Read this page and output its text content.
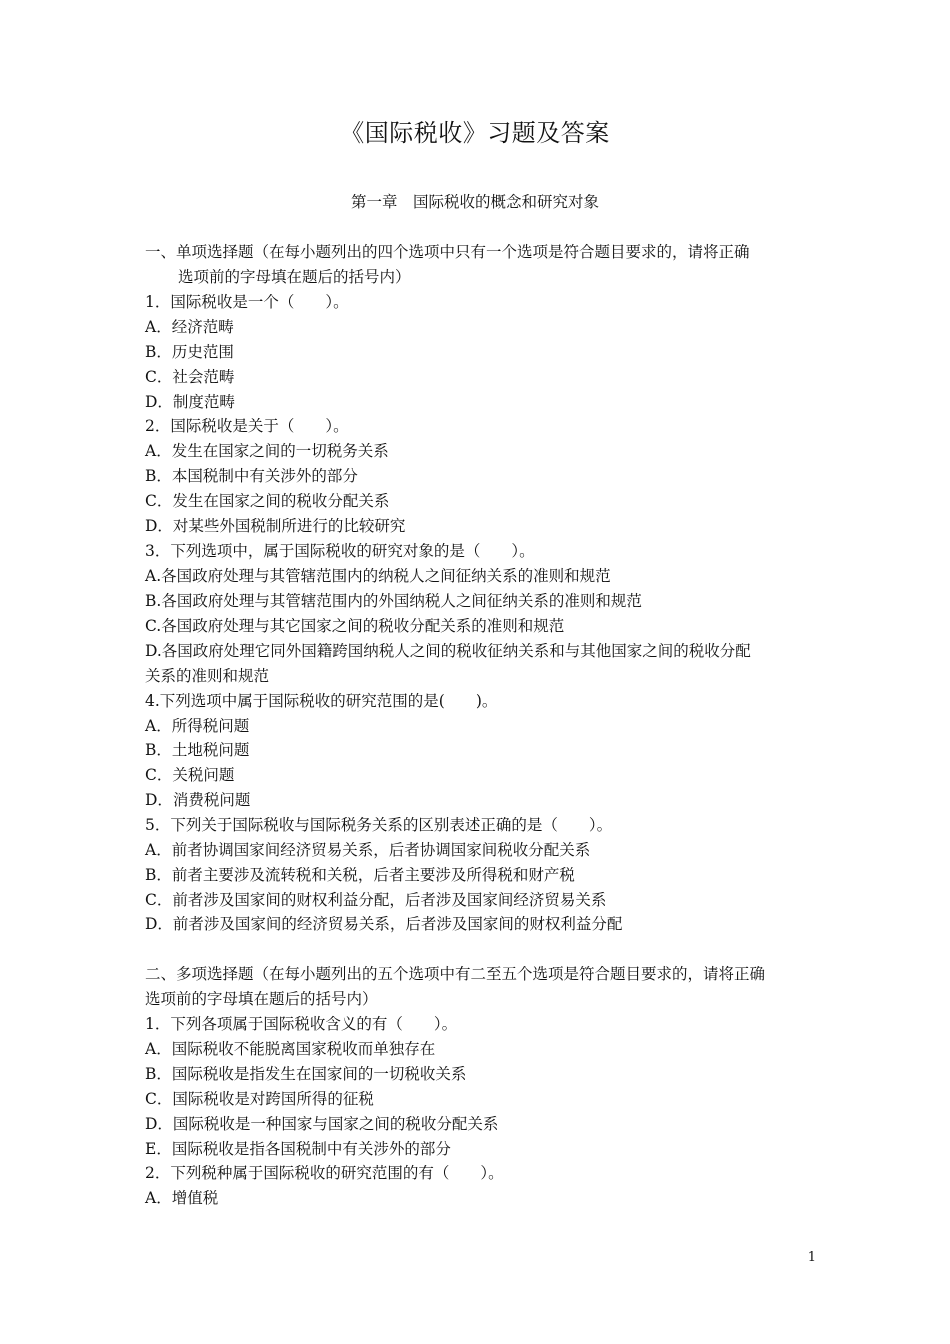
《国际税收》习题及答案
第一章　国际税收的概念和研究对象
一、单项选择题（在每小题列出的四个选项中只有一个选项是符合题目要求的，请将正确
选项前的字母填在题后的括号内）
1．国际税收是一个（　　）。
A．经济范畴
B．历史范围
C．社会范畴
D．制度范畴
2．国际税收是关于（　　）。
A．发生在国家之间的一切税务关系
B．本国税制中有关涉外的部分
C．发生在国家之间的税收分配关系
D．对某些外国税制所进行的比较研究
3．下列选项中，属于国际税收的研究对象的是（　　）。
A.各国政府处理与其管辖范围内的纳税人之间征纳关系的准则和规范
B.各国政府处理与其管辖范围内的外国纳税人之间征纳关系的准则和规范
C.各国政府处理与其它国家之间的税收分配关系的准则和规范
D.各国政府处理它同外国籍跨国纳税人之间的税收征纳关系和与其他国家之间的税收分配
关系的准则和规范
4.下列选项中属于国际税收的研究范围的是(　　)。
A．所得税问题
B．土地税问题
C．关税问题
D．消费税问题
5．下列关于国际税收与国际税务关系的区别表述正确的是（　　）。
A．前者协调国家间经济贸易关系，后者协调国家间税收分配关系
B．前者主要涉及流转税和关税，后者主要涉及所得税和财产税
C．前者涉及国家间的财权利益分配，后者涉及国家间经济贸易关系
D．前者涉及国家间的经济贸易关系，后者涉及国家间的财权利益分配
二、多项选择题（在每小题列出的五个选项中有二至五个选项是符合题目要求的，请将正确
选项前的字母填在题后的括号内）
1．下列各项属于国际税收含义的有（　　）。
A．国际税收不能脱离国家税收而单独存在
B．国际税收是指发生在国家间的一切税收关系
C．国际税收是对跨国所得的征税
D．国际税收是一种国家与国家之间的税收分配关系
E．国际税收是指各国税制中有关涉外的部分
2．下列税种属于国际税收的研究范围的有（　　）。
A．增值税
1
